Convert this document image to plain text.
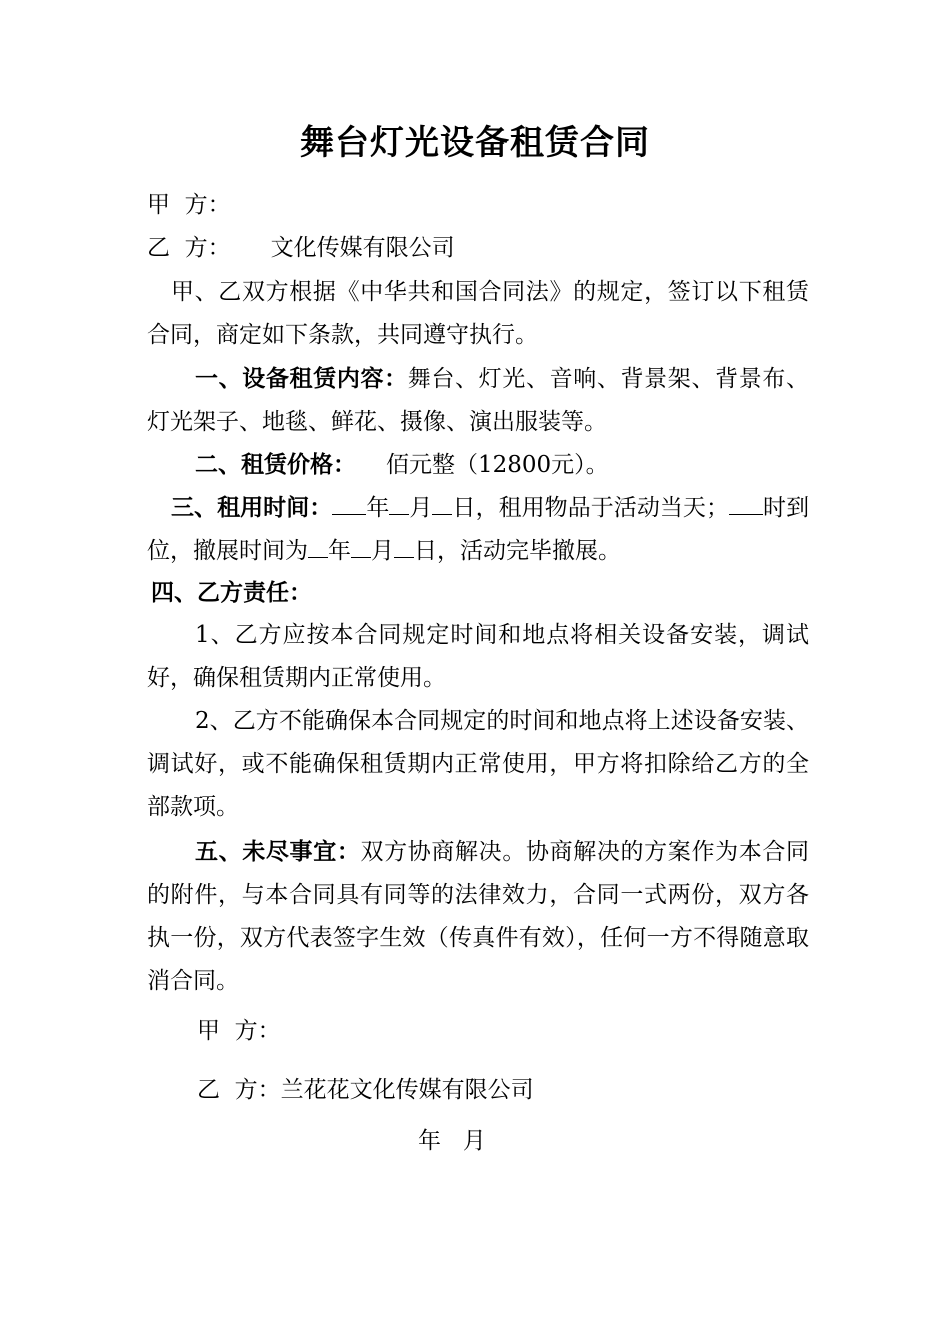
舞台灯光设备租赁合同
甲  方：
乙  方： 文化传媒有限公司
甲、乙双方根据《中华共和国合同法》的规定，签订以下租赁合同，商定如下条款，共同遵守执行。
一、设备租赁内容：舞台、灯光、音响、背景架、背景布、灯光架子、地毯、鲜花、摄像、演出服装等。
二、租赁价格： 佰元整（12800元）。
三、租用时间： 年 月 日，租用物品于活动当天； 时到位，撤展时间为 年 月 日，活动完毕撤展。
四、乙方责任：
1、乙方应按本合同规定时间和地点将相关设备安装，调试好，确保租赁期内正常使用。
2、乙方不能确保本合同规定的时间和地点将上述设备安装、调试好，或不能确保租赁期内正常使用，甲方将扣除给乙方的全部款项。
五、未尽事宜：双方协商解决。协商解决的方案作为本合同的附件，与本合同具有同等的法律效力，合同一式两份，双方各执一份，双方代表签字生效（传真件有效），任何一方不得随意取消合同。
甲  方：
乙  方：兰花花文化传媒有限公司
年   月
